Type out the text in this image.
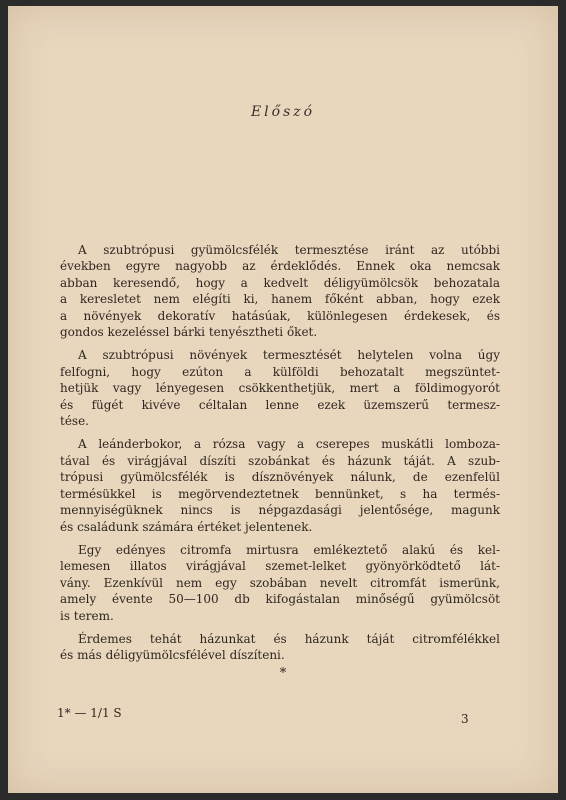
Előszó

A szubtrópusi gyümölcsfélék termesztése iránt az utóbbi
években egyre nagyobb az érdeklődés. Ennek oka nemcsak
abban keresendő, hogy a kedvelt déligyümölcsök behozatala
a keresletet nem elégíti ki, hanem főként abban, hogy ezek
a növények dekoratív hatásúak, különlegesen érdekesek, és
gondos kezeléssel bárki tenyésztheti őket.

A szubtrópusi növények termesztését helytelen volna úgy
felfogni, hogy ezúton a külföldi behozatalt megszüntet-
hetjük vagy lényegesen csökkenthetjük, mert a földimogyorót
és fügét kivéve céltalan lenne ezek üzemszerű termesz-
tése.

A leánderbokor, a rózsa vagy a cserepes muskátli lomboza-
tával és virágjával díszíti szobánkat és házunk táját. A szub-
trópusi gyümölcsfélék is dísznövények nálunk, de ezenfelül
termésükkel is megörvendeztetnek bennünket, s ha termés-
mennyiségüknek nincs is népgazdasági jelentősége, magunk
és családunk számára értéket jelentenek.

Egy edényes citromfa mirtusra emlékeztető alakú és kel-
lemesen illatos virágjával szemet-lelket gyönyörködtető lát-
vány. Ezenkívül nem egy szobában nevelt citromfát ismerünk,
amely évente 50—100 db kifogástalan minőségű gyümölcsöt
is terem.

Érdemes tehát házunkat és házunk táját citromfélékkel
és más déligyümölcsfélével díszíteni.

*
1* — 1/1 S	3
